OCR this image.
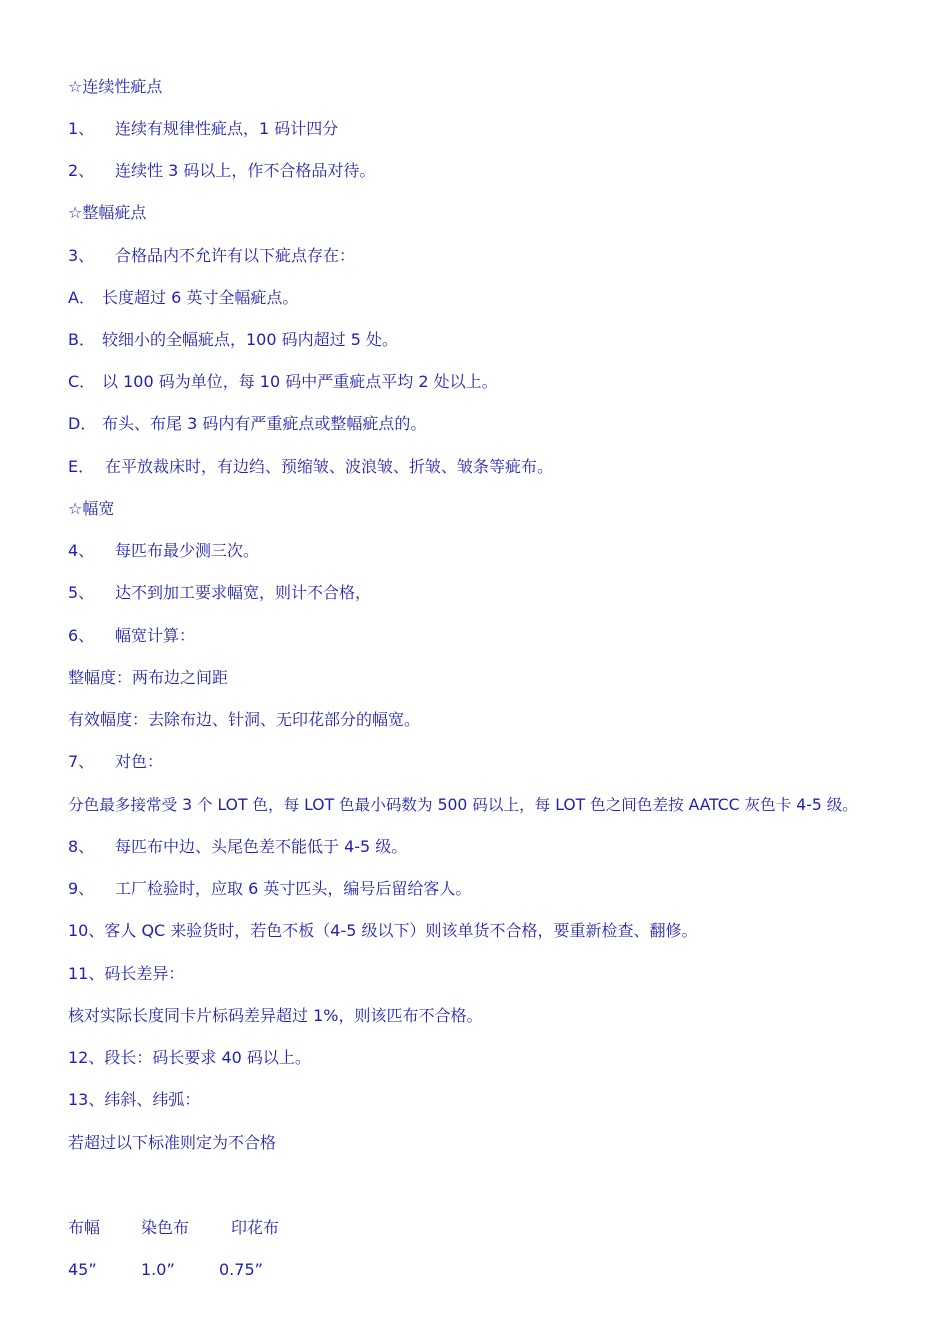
☆连续性疵点
1、 连续有规律性疵点，1 码计四分
2、 连续性 3 码以上，作不合格品对待。
☆整幅疵点
3、 合格品内不允许有以下疵点存在：
A． 长度超过 6 英寸全幅疵点。
B． 较细小的全幅疵点，100 码内超过 5 处。
C． 以 100 码为单位，每 10 码中严重疵点平均 2 处以上。
D． 布头、布尾 3 码内有严重疵点或整幅疵点的。
E． 在平放裁床时，有边绉、预缩皱、波浪皱、折皱、皱条等疵布。
☆幅宽
4、 每匹布最少测三次。
5、 达不到加工要求幅宽，则计不合格，
6、 幅宽计算：
整幅度：两布边之间距
有效幅度：去除布边、针洞、无印花部分的幅宽。
7、 对色：
分色最多接常受 3 个 LOT 色，每 LOT 色最小码数为 500 码以上，每 LOT 色之间色差按 AATCC 灰色卡 4-5 级。
8、 每匹布中边、头尾色差不能低于 4-5 级。
9、 工厂检验时，应取 6 英寸匹头，编号后留给客人。
10、客人 QC 来验货时，若色不板（4-5 级以下）则该单货不合格，要重新检查、翻修。
11、码长差异：
核对实际长度同卡片标码差异超过 1%，则该匹布不合格。
12、段长：码长要求 40 码以上。
13、纬斜、纬弧：
若超过以下标准则定为不合格
布幅	染色布	印花布
45”	1.0”	0.75”
